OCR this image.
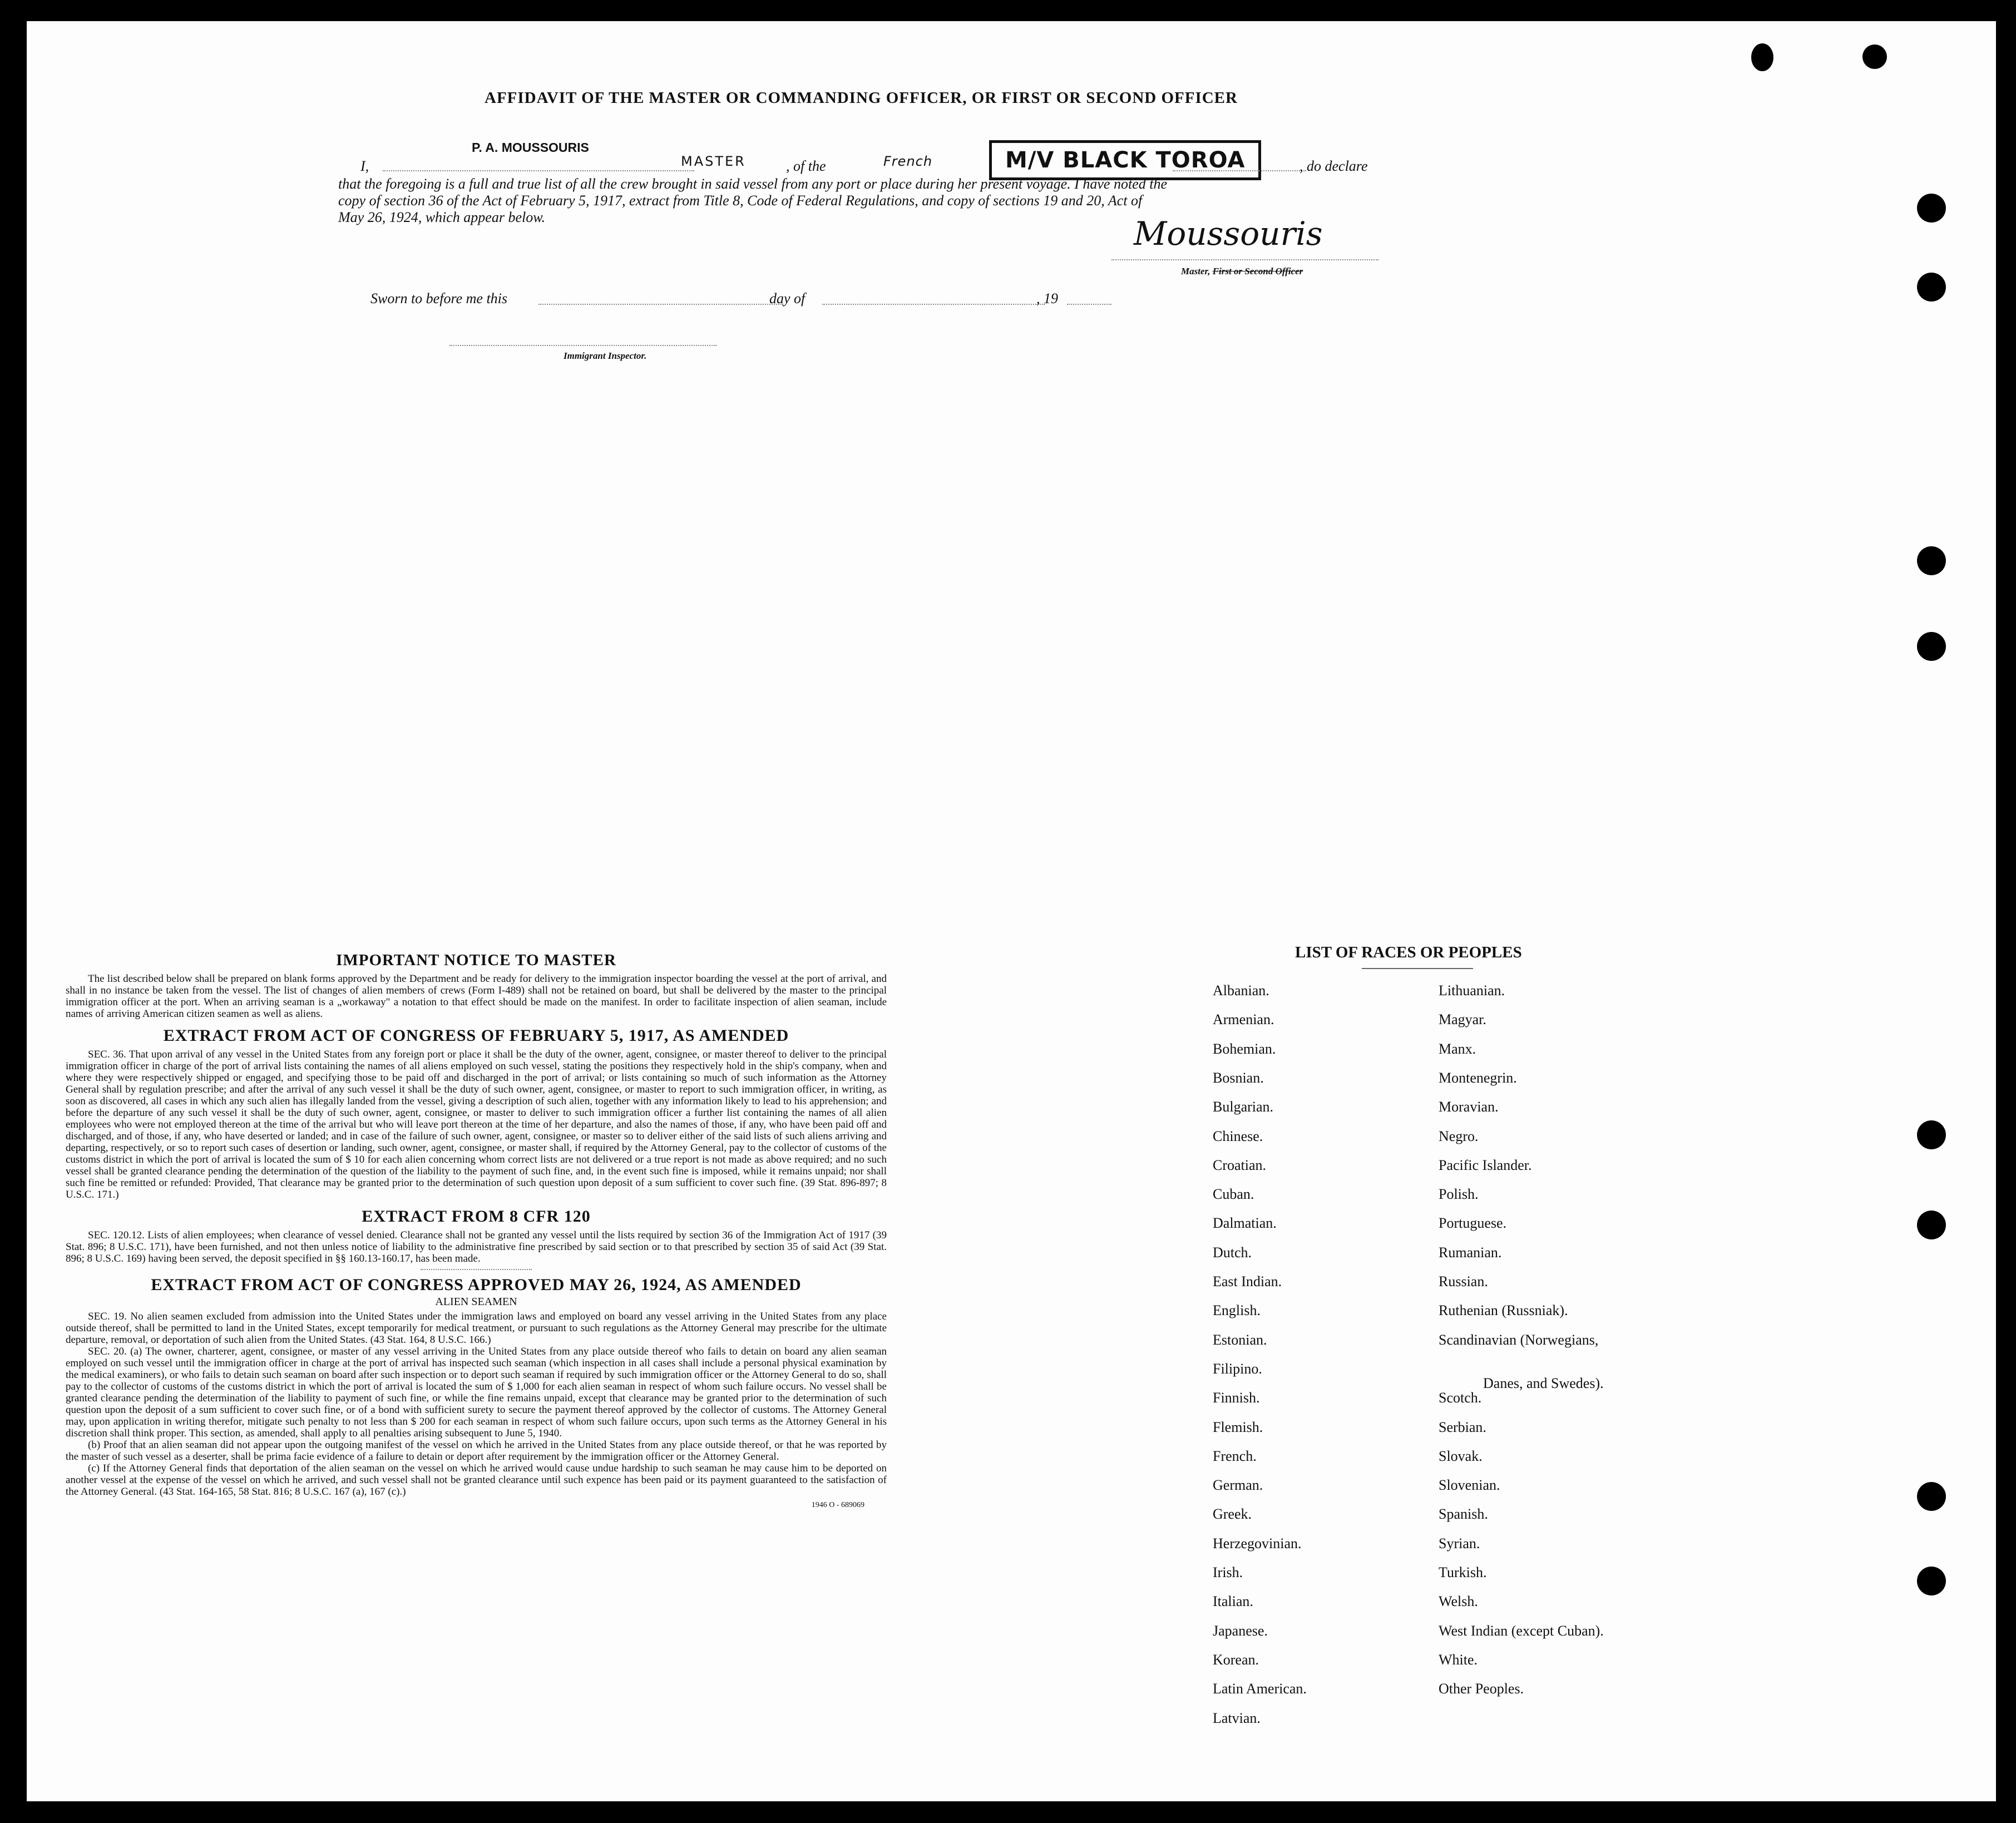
AFFIDAVIT OF THE MASTER OR COMMANDING OFFICER, OR FIRST OR SECOND OFFICER
P. A. MOUSSOURIS
I,	MASTER	, of the	French	M/V BLACK TOROA	, do declare
that the foregoing is a full and true list of all the crew brought in said vessel from any port or place during her present voyage. I have noted the
copy of section 36 of the Act of February 5, 1917, extract from Title 8, Code of Federal Regulations, and copy of sections 19 and 20, Act of
May 26, 1924, which appear below.	Moussouris
Master, First or Second Officer
Sworn to before me this	day of	, 19
Immigrant Inspector.
IMPORTANT NOTICE TO MASTER

The list described below shall be prepared on blank forms approved by the Department and be ready for delivery to the immigration inspector boarding the vessel at the port of arrival, and shall in no instance be taken from the vessel. The list of changes of alien members of crews (Form I-489) shall not be retained on board, but shall be delivered by the master to the principal immigration officer at the port. When an arriving seaman is a „workaway" a notation to that effect should be made on the manifest. In order to facilitate inspection of alien seaman, include names of arriving American citizen seamen as well as aliens.

EXTRACT FROM ACT OF CONGRESS OF FEBRUARY 5, 1917, AS AMENDED

SEC. 36. That upon arrival of any vessel in the United States from any foreign port or place it shall be the duty of the owner, agent, consignee, or master thereof to deliver to the principal immigration officer in charge of the port of arrival lists containing the names of all aliens employed on such vessel, stating the positions they respectively hold in the ship's company, when and where they were respectively shipped or engaged, and specifying those to be paid off and discharged in the port of arrival; or lists containing so much of such information as the Attorney General shall by regulation prescribe; and after the arrival of any such vessel it shall be the duty of such owner, agent, consignee, or master to report to such immigration officer, in writing, as soon as discovered, all cases in which any such alien has illegally landed from the vessel, giving a description of such alien, together with any information likely to lead to his apprehension; and before the departure of any such vessel it shall be the duty of such owner, agent, consignee, or master to deliver to such immigration officer a further list containing the names of all alien employees who were not employed thereon at the time of the arrival but who will leave port thereon at the time of her departure, and also the names of those, if any, who have been paid off and discharged, and of those, if any, who have deserted or landed; and in case of the failure of such owner, agent, consignee, or master so to deliver either of the said lists of such aliens arriving and departing, respectively, or so to report such cases of desertion or landing, such owner, agent, consignee, or master shall, if required by the Attorney General, pay to the collector of customs of the customs district in which the port of arrival is located the sum of $ 10 for each alien concerning whom correct lists are not delivered or a true report is not made as above required; and no such vessel shall be granted clearance pending the determination of the question of the liability to the payment of such fine, and, in the event such fine is imposed, while it remains unpaid; nor shall such fine be remitted or refunded: Provided, That clearance may be granted prior to the determination of such question upon deposit of a sum sufficient to cover such fine. (39 Stat. 896-897; 8 U.S.C. 171.)

EXTRACT FROM 8 CFR 120

SEC. 120.12. Lists of alien employees; when clearance of vessel denied. Clearance shall not be granted any vessel until the lists required by section 36 of the Immigration Act of 1917 (39 Stat. 896; 8 U.S.C. 171), have been furnished, and not then unless notice of liability to the administrative fine prescribed by said section or to that prescribed by section 35 of said Act (39 Stat. 896; 8 U.S.C. 169) having been served, the deposit specified in §§ 160.13-160.17, has been made.

EXTRACT FROM ACT OF CONGRESS APPROVED MAY 26, 1924, AS AMENDED
ALIEN SEAMEN

SEC. 19. No alien seamen excluded from admission into the United States under the immigration laws and employed on board any vessel arriving in the United States from any place outside thereof, shall be permitted to land in the United States, except temporarily for medical treatment, or pursuant to such regulations as the Attorney General may prescribe for the ultimate departure, removal, or deportation of such alien from the United States. (43 Stat. 164, 8 U.S.C. 166.)

SEC. 20. (a) The owner, charterer, agent, consignee, or master of any vessel arriving in the United States from any place outside thereof who fails to detain on board any alien seaman employed on such vessel until the immigration officer in charge at the port of arrival has inspected such seaman (which inspection in all cases shall include a personal physical examination by the medical examiners), or who fails to detain such seaman on board after such inspection or to deport such seaman if required by such immigration officer or the Attorney General to do so, shall pay to the collector of customs of the customs district in which the port of arrival is located the sum of $ 1,000 for each alien seaman in respect of whom such failure occurs. No vessel shall be granted clearance pending the determination of the liability to payment of such fine, or while the fine remains unpaid, except that clearance may be granted prior to the determination of such question upon the deposit of a sum sufficient to cover such fine, or of a bond with sufficient surety to secure the payment thereof approved by the collector of customs. The Attorney General may, upon application in writing therefor, mitigate such penalty to not less than $ 200 for each seaman in respect of whom such failure occurs, upon such terms as the Attorney General in his discretion shall think proper. This section, as amended, shall apply to all penalties arising subsequent to June 5, 1940.

(b) Proof that an alien seaman did not appear upon the outgoing manifest of the vessel on which he arrived in the United States from any place outside thereof, or that he was reported by the master of such vessel as a deserter, shall be prima facie evidence of a failure to detain or deport after requirement by the immigration officer or the Attorney General.

(c) If the Attorney General finds that deportation of the alien seaman on the vessel on which he arrived would cause undue hardship to such seaman he may cause him to be deported on another vessel at the expense of the vessel on which he arrived, and such vessel shall not be granted clearance until such expence has been paid or its payment guaranteed to the satisfaction of the Attorney General. (43 Stat. 164-165, 58 Stat. 816; 8 U.S.C. 167 (a), 167 (c).)

1946 O - 689069
LIST OF RACES OR PEOPLES
Albanian.
Armenian.
Bohemian.
Bosnian.
Bulgarian.
Chinese.
Croatian.
Cuban.
Dalmatian.
Dutch.
East Indian.
English.
Estonian.
Filipino.
Finnish.
Flemish.
French.
German.
Greek.
Herzegovinian.
Irish.
Italian.
Japanese.
Korean.
Latin American.
Latvian.
Lithuanian.
Magyar.
Manx.
Montenegrin.
Moravian.
Negro.
Pacific Islander.
Polish.
Portuguese.
Rumanian.
Russian.
Ruthenian (Russniak).
Scandinavian (Norwegians,
Danes, and Swedes).
Scotch.
Serbian.
Slovak.
Slovenian.
Spanish.
Syrian.
Turkish.
Welsh.
West Indian (except Cuban).
White.
Other Peoples.
